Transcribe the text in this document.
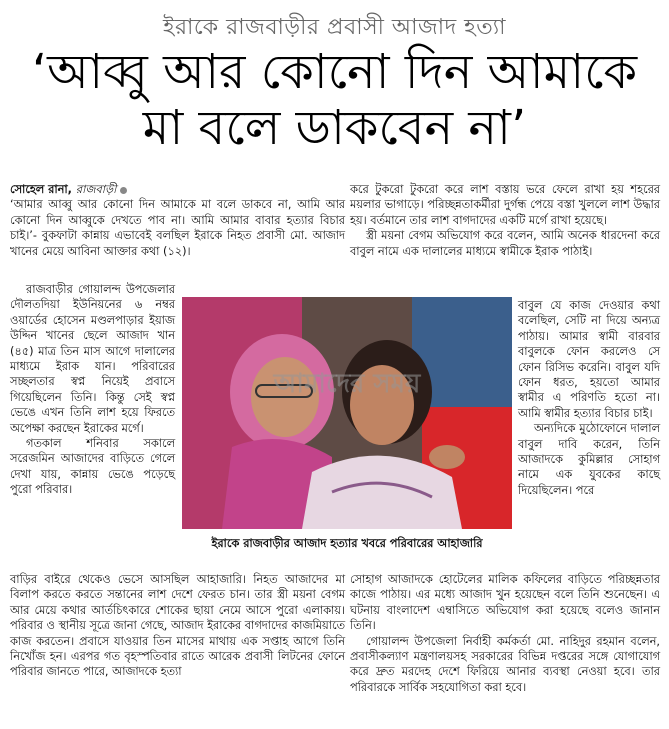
ইরাকে রাজবাড়ীর প্রবাসী আজাদ হত্যা
‘আব্বু আর কোনো দিন আমাকে
মা বলে ডাকবেন না’

সোহেল রানা, রাজবাড়ী

‘আমার আব্বু আর কোনো দিন আমাকে মা বলে ডাকবে না, আমি আর কোনো দিন আব্বুকে দেখতে পাব না। আমি আমার বাবার হত্যার বিচার চাই।’- বুকফাটা কান্নায় এভাবেই বলছিল ইরাকে নিহত প্রবাসী মো. আজাদ খানের মেয়ে আবিনা আক্তার কথা (১২)।

রাজবাড়ীর গোয়ালন্দ উপজেলার দৌলতদিয়া ইউনিয়নের ৬ নম্বর ওয়ার্ডের হোসেন মণ্ডলপাড়ার ইয়াজ উদ্দিন খানের ছেলে আজাদ খান (৪৫) মাত্র তিন মাস আগে দালালের মাধ্যমে ইরাক যান। পরিবারের সচ্ছলতার স্বপ্ন নিয়েই প্রবাসে গিয়েছিলেন তিনি। কিন্তু সেই স্বপ্ন ভেঙে এখন তিনি লাশ হয়ে ফিরতে অপেক্ষা করছেন ইরাকের মর্গে।

গতকাল শনিবার সকালে সরেজমিন আজাদের বাড়িতে গেলে দেখা যায়, কান্নায় ভেঙে পড়েছে পুরো পরিবার।

করে টুকরো টুকরো করে লাশ বস্তায় ভরে ফেলে রাখা হয় শহরের ময়লার ভাগাড়ে। পরিচ্ছন্নতাকর্মীরা দুর্গন্ধ পেয়ে বস্তা খুললে লাশ উদ্ধার হয়। বর্তমানে তার লাশ বাগদাদের একটি মর্গে রাখা হয়েছে।

স্ত্রী ময়না বেগম অভিযোগ করে বলেন, আমি অনেক ধারদেনা করে বাবুল নামে এক দালালের মাধ্যমে স্বামীকে ইরাক পাঠাই।

বাবুল যে কাজ দেওয়ার কথা বলেছিল, সেটি না দিয়ে অন্যত্র পাঠায়। আমার স্বামী বারবার বাবুলকে ফোন করলেও সে ফোন রিসিভ করেনি। বাবুল যদি ফোন ধরত, হয়তো আমার স্বামীর এ পরিণতি হতো না। আমি স্বামীর হত্যার বিচার চাই।

অন্যদিকে মুঠোফোনে দালাল বাবুল দাবি করেন, তিনি আজাদকে কুমিল্লার সোহাগ নামে এক যুবকের কাছে দিয়েছিলেন। পরে

আমাদের সময়
ইরাকে রাজবাড়ীর আজাদ হত্যার খবরে পরিবারের আহাজারি

বাড়ির বাইরে থেকেও ভেসে আসছিল আহাজারি। নিহত আজাদের মা বিলাপ করতে করতে সন্তানের লাশ দেশে ফেরত চান। তার স্ত্রী ময়না বেগম আর মেয়ে কথার আর্তচিৎকারে শোকের ছায়া নেমে আসে পুরো এলাকায়। পরিবার ও স্থানীয় সূত্রে জানা গেছে, আজাদ ইরাকের বাগদাদের কাজমিয়াতে কাজ করতেন। প্রবাসে যাওয়ার তিন মাসের মাথায় এক সপ্তাহ আগে তিনি নিখোঁজ হন। এরপর গত বৃহস্পতিবার রাতে আরেক প্রবাসী লিটনের ফোনে পরিবার জানতে পারে, আজাদকে হত্যা

সোহাগ আজাদকে হোটেলের মালিক কফিলের বাড়িতে পরিচ্ছন্নতার কাজে পাঠায়। এর মধ্যে আজাদ খুন হয়েছেন বলে তিনি শুনেছেন। এ ঘটনায় বাংলাদেশ এম্বাসিতে অভিযোগ করা হয়েছে বলেও জানান তিনি।

গোয়ালন্দ উপজেলা নির্বাহী কর্মকর্তা মো. নাহিদুর রহমান বলেন, প্রবাসীকল্যাণ মন্ত্রণালয়সহ সরকারের বিভিন্ন দপ্তরের সঙ্গে যোগাযোগ করে দ্রুত মরদেহ দেশে ফিরিয়ে আনার ব্যবস্থা নেওয়া হবে। তার পরিবারকে সার্বিক সহযোগিতা করা হবে।
